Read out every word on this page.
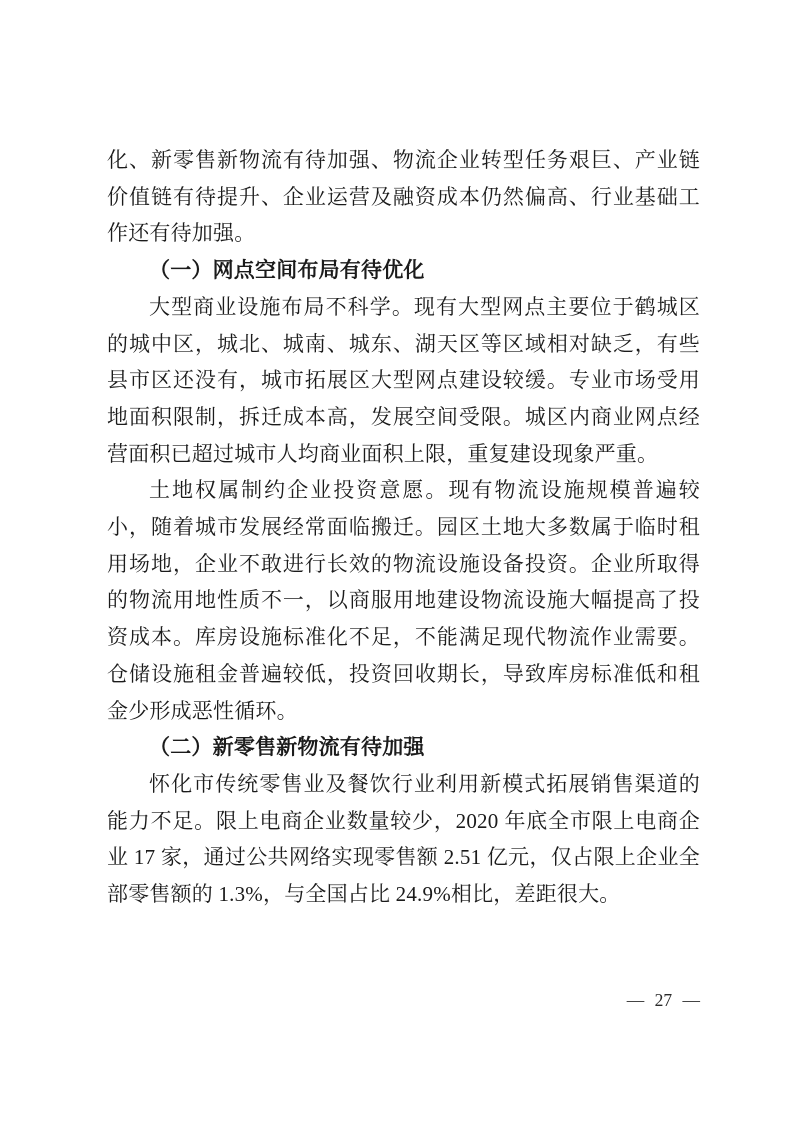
化、新零售新物流有待加强、物流企业转型任务艰巨、产业链价值链有待提升、企业运营及融资成本仍然偏高、行业基础工作还有待加强。

（一）网点空间布局有待优化

大型商业设施布局不科学。现有大型网点主要位于鹤城区的城中区，城北、城南、城东、湖天区等区域相对缺乏，有些县市区还没有，城市拓展区大型网点建设较缓。专业市场受用地面积限制，拆迁成本高，发展空间受限。城区内商业网点经营面积已超过城市人均商业面积上限，重复建设现象严重。

土地权属制约企业投资意愿。现有物流设施规模普遍较小，随着城市发展经常面临搬迁。园区土地大多数属于临时租用场地，企业不敢进行长效的物流设施设备投资。企业所取得的物流用地性质不一，以商服用地建设物流设施大幅提高了投资成本。库房设施标准化不足，不能满足现代物流作业需要。仓储设施租金普遍较低，投资回收期长，导致库房标准低和租金少形成恶性循环。

（二）新零售新物流有待加强

怀化市传统零售业及餐饮行业利用新模式拓展销售渠道的能力不足。限上电商企业数量较少，2020 年底全市限上电商企业 17 家，通过公共网络实现零售额 2.51 亿元，仅占限上企业全部零售额的 1.3%，与全国占比 24.9%相比，差距很大。

— 27 —
